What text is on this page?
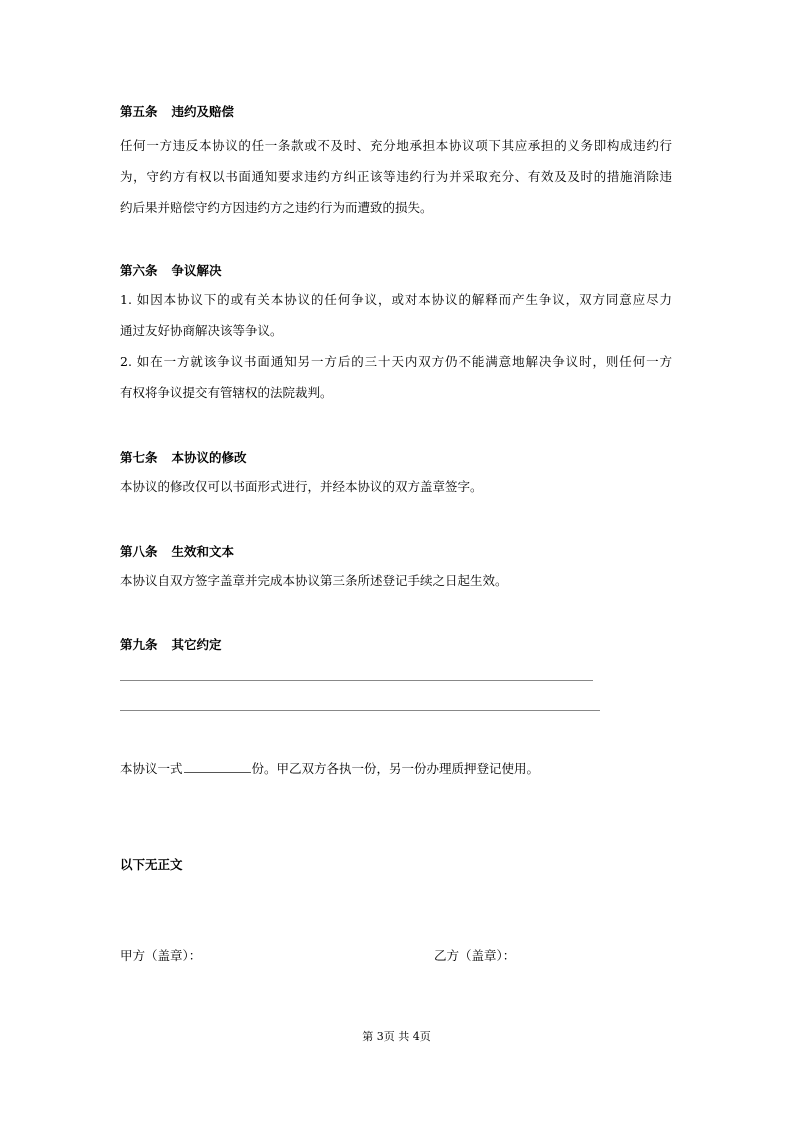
第五条 违约及赔偿
任何一方违反本协议的任一条款或不及时、充分地承担本协议项下其应承担的义务即构成违约行
为，守约方有权以书面通知要求违约方纠正该等违约行为并采取充分、有效及及时的措施消除违
约后果并赔偿守约方因违约方之违约行为而遭致的损失。
第六条 争议解决
1. 如因本协议下的或有关本协议的任何争议，或对本协议的解释而产生争议，双方同意应尽力
通过友好协商解决该等争议。
2. 如在一方就该争议书面通知另一方后的三十天内双方仍不能满意地解决争议时，则任何一方
有权将争议提交有管辖权的法院裁判。
第七条 本协议的修改
本协议的修改仅可以书面形式进行，并经本协议的双方盖章签字。
第八条 生效和文本
本协议自双方签字盖章并完成本协议第三条所述登记手续之日起生效。
第九条 其它约定
本协议一式	份。甲乙双方各执一份，另一份办理质押登记使用。
以下无正文
甲方（盖章）：	乙方（盖章）：
第 3页 共 4页
